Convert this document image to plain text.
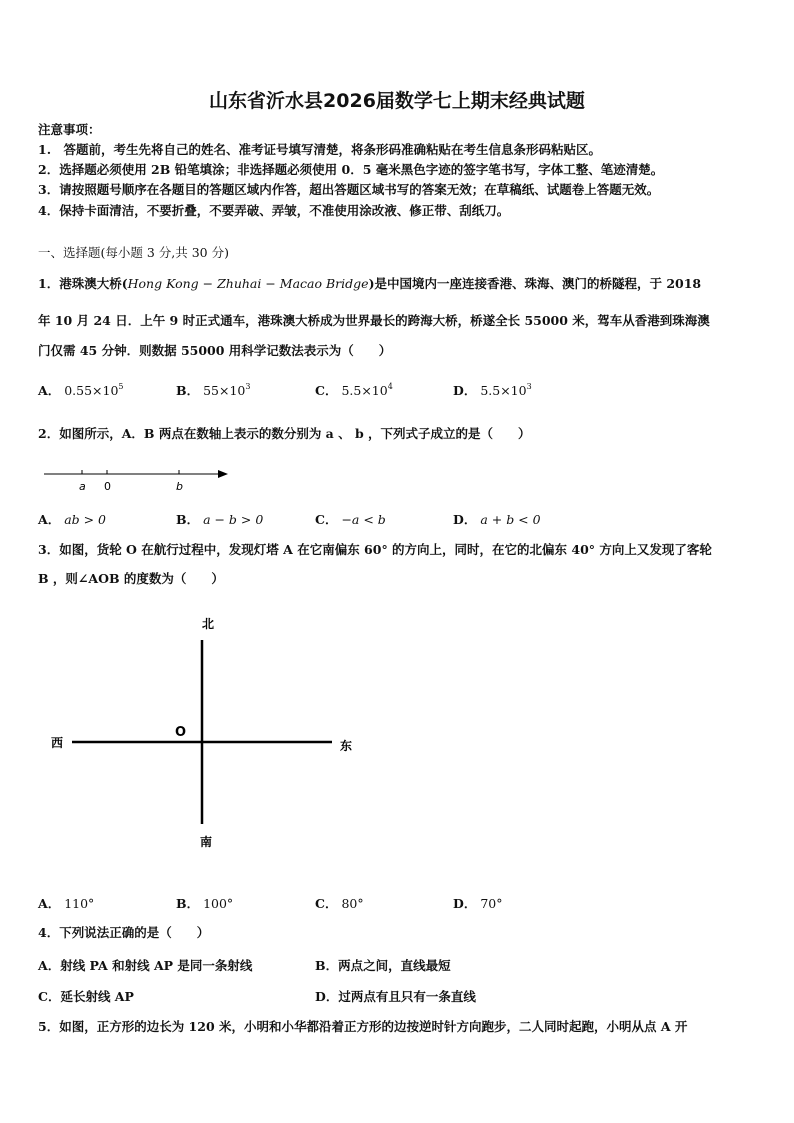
山东省沂水县2026届数学七上期末经典试题
注意事项：
1.　答题前，考生先将自己的姓名、准考证号填写清楚，将条形码准确粘贴在考生信息条形码粘贴区。
2．选择题必须使用 2B 铅笔填涂；非选择题必须使用 0．5 毫米黑色字迹的签字笔书写，字体工整、笔迹清楚。
3．请按照题号顺序在各题目的答题区域内作答，超出答题区域书写的答案无效；在草稿纸、试题卷上答题无效。
4．保持卡面清洁，不要折叠，不要弄破、弄皱，不准使用涂改液、修正带、刮纸刀。
一、选择题(每小题 3 分,共 30 分)
1．港珠澳大桥(Hong Kong − Zhuhai − Macao Bridge)是中国境内一座连接香港、珠海、澳门的桥隧程，于 2018
年 10 月 24 日．上午 9 时正式通车，港珠澳大桥成为世界最长的跨海大桥，桥遂全长 55000 米，驾车从香港到珠海澳
门仅需 45 分钟．则数据 55000 用科学记数法表示为（　　）
A． $0.55\times 10^5$	B． $55\times 10^3$	C． $5.5\times 10^4$	D． $5.5\times 10^3$
2．如图所示，A．B 两点在数轴上表示的数分别为 a 、 b ，下列式子成立的是（　　）
a 0	b
A． ab > 0	B． a − b > 0	C． −a < b	D． a + b < 0
3．如图，货轮 O 在航行过程中，发现灯塔 A 在它南偏东 60° 的方向上，同时，在它的北偏东 40° 方向上又发现了客轮
B ，则∠AOB 的度数为（　　）
北
南
西	东
O
A． 110°	B． 100°	C． 80°	D． 70°
4．下列说法正确的是（　　）
A．射线 PA 和射线 AP 是同一条射线	B．两点之间，直线最短
C．延长射线 AP	D．过两点有且只有一条直线
5．如图，正方形的边长为 120 米，小明和小华都沿着正方形的边按逆时针方向跑步，二人同时起跑，小明从点 A 开
